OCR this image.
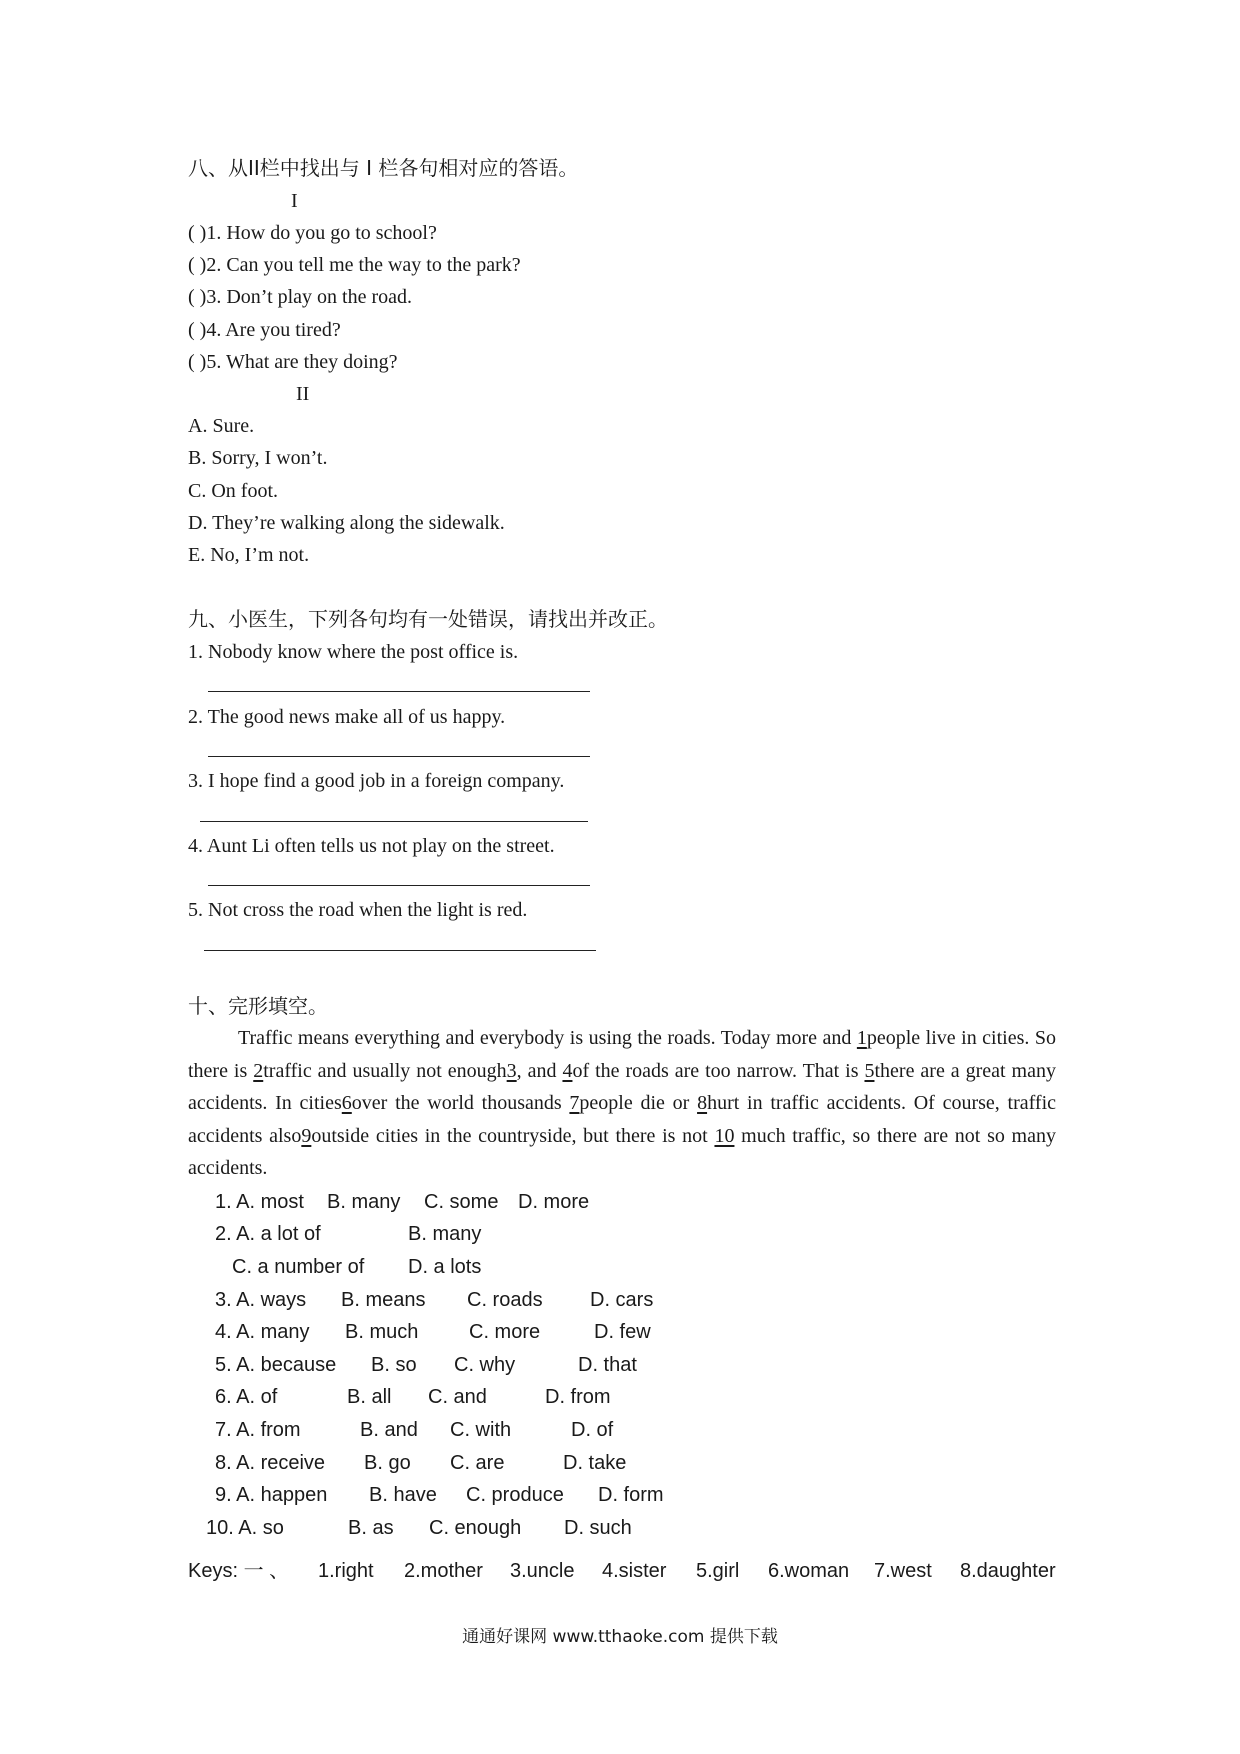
八、从II栏中找出与 I 栏各句相对应的答语。
I
( )1. How do you go to school?
( )2. Can you tell me the way to the park?
( )3. Don’t play on the road.
( )4. Are you tired?
( )5. What are they doing?
II
A. Sure.
B. Sorry, I won’t.
C. On foot.
D. They’re walking along the sidewalk.
E. No, I’m not.
九、小医生，下列各句均有一处错误，请找出并改正。
1. Nobody know where the post office is.
2. The good news make all of us happy.
3. I hope find a good job in a foreign company.
4. Aunt Li often tells us not play on the street.
5. Not cross the road when the light is red.
十、完形填空。
Traffic means everything and everybody is using the roads. Today more and 1people live in cities. So there is 2traffic and usually not enough3, and 4of the roads are too narrow. That is 5there are a great many accidents. In cities6over the world thousands 7people die or 8hurt in traffic accidents. Of course, traffic accidents also9outside cities in the countryside, but there is not 10 much traffic, so there are not so many accidents.
1. A. most B. many C. some D. more
2. A. a lot of	B. many
C. a number of D. a lots
3. A. ways B. means C. roads D. cars
4. A. many B. much	C. more	D. few
5. A. because B. so C. why	D. that
6. A. of	B. all C. and	D. from
7. A. from	B. and C. with	D. of
8. A. receive B. go C. are	D. take
9. A. happen B. have C. produce D. form
10. A. so	B. as C. enough D. such
Keys: 一 、 1.right 2.mother 3.uncle 4.sister 5.girl 6.woman 7.west 8.daughter
通通好课网 www.tthaoke.com 提供下载
